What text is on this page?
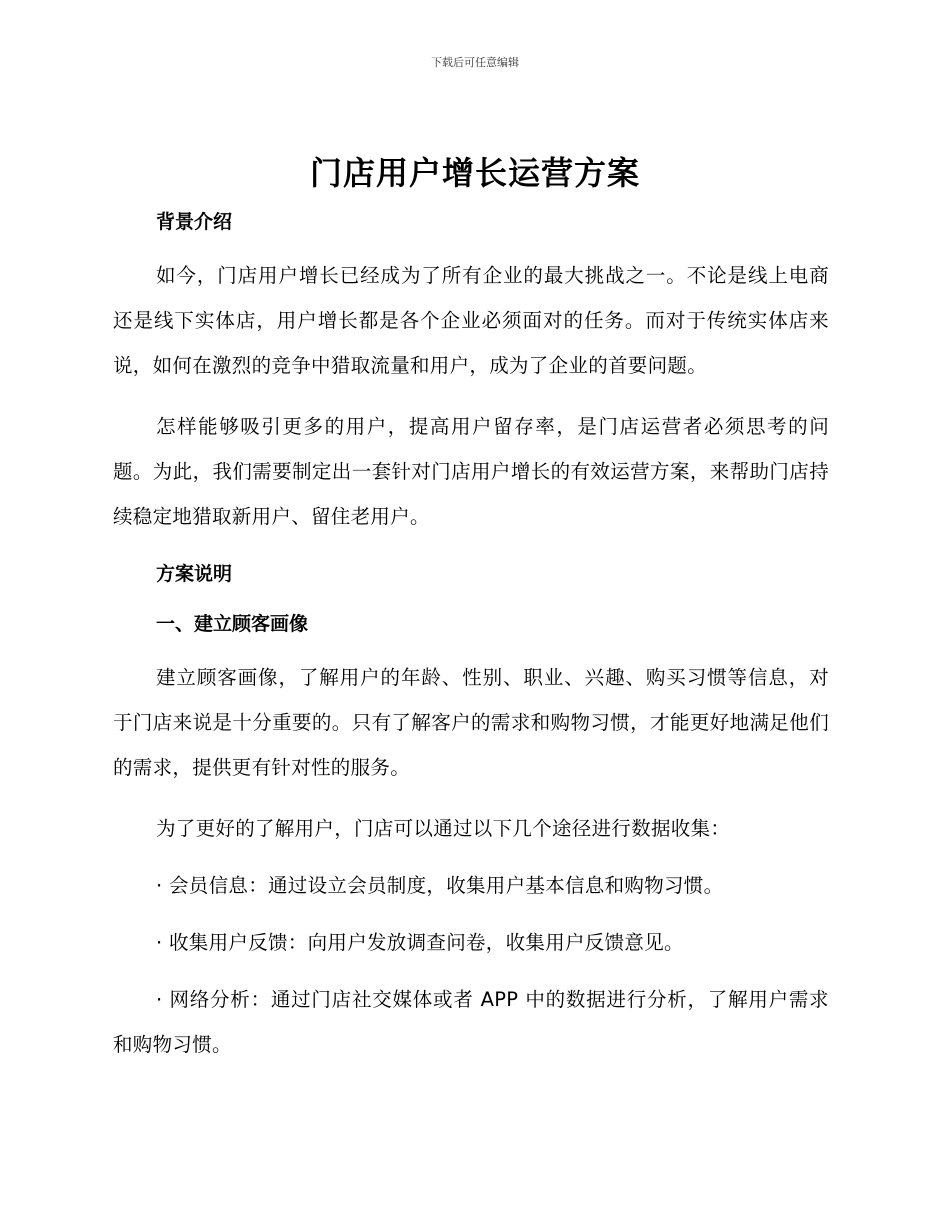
下载后可任意编辑
门店用户增长运营方案

背景介绍

如今，门店用户增长已经成为了所有企业的最大挑战之一。不论是线上电商还是线下实体店，用户增长都是各个企业必须面对的任务。而对于传统实体店来说，如何在激烈的竞争中猎取流量和用户，成为了企业的首要问题。

怎样能够吸引更多的用户，提高用户留存率，是门店运营者必须思考的问题。为此，我们需要制定出一套针对门店用户增长的有效运营方案，来帮助门店持续稳定地猎取新用户、留住老用户。

方案说明

一、建立顾客画像

建立顾客画像，了解用户的年龄、性别、职业、兴趣、购买习惯等信息，对于门店来说是十分重要的。只有了解客户的需求和购物习惯，才能更好地满足他们的需求，提供更有针对性的服务。

为了更好的了解用户，门店可以通过以下几个途径进行数据收集：

· 会员信息：通过设立会员制度，收集用户基本信息和购物习惯。

· 收集用户反馈：向用户发放调查问卷，收集用户反馈意见。

· 网络分析：通过门店社交媒体或者 APP 中的数据进行分析，了解用户需求和购物习惯。
